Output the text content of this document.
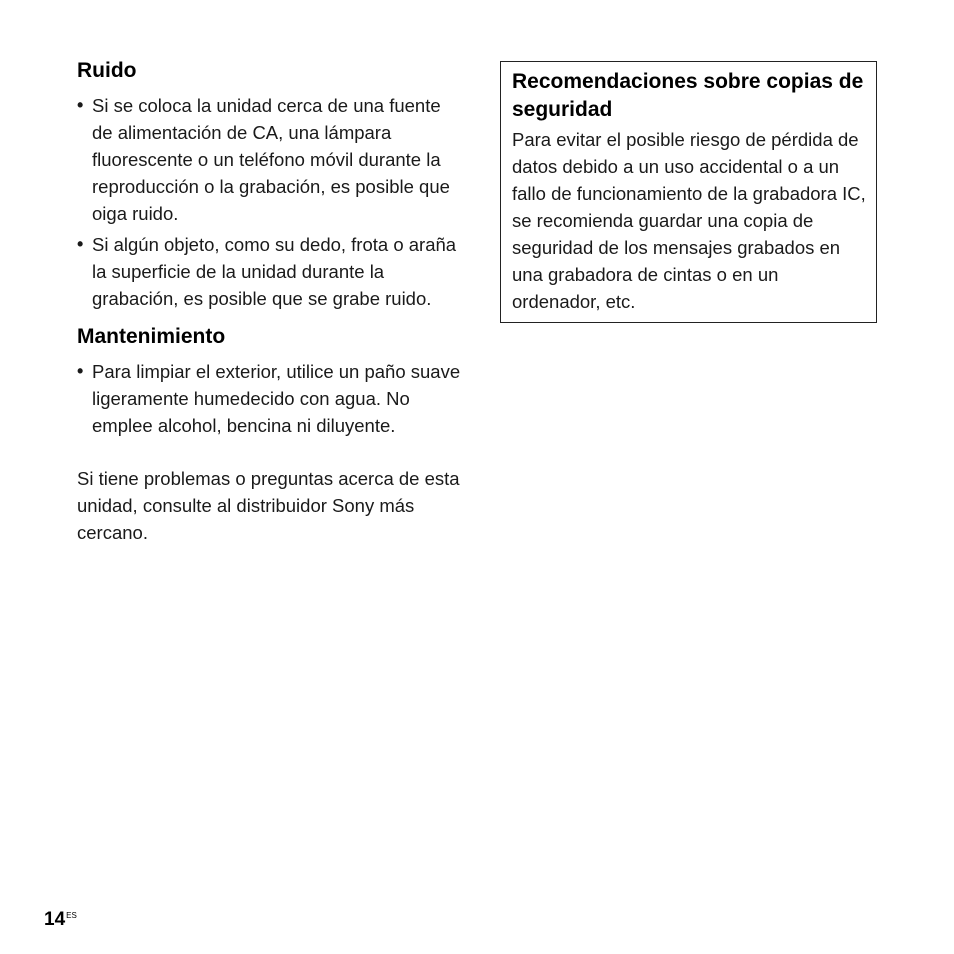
Ruido
• Si se coloca la unidad cerca de una fuente de alimentación de CA, una lámpara fluorescente o un teléfono móvil durante la reproducción o la grabación, es posible que oiga ruido.
• Si algún objeto, como su dedo, frota o araña la superficie de la unidad durante la grabación, es posible que se grabe ruido.
Mantenimiento
• Para limpiar el exterior, utilice un paño suave ligeramente humedecido con agua. No emplee alcohol, bencina ni diluyente.

Si tiene problemas o preguntas acerca de esta unidad, consulte al distribuidor Sony más cercano.

Recomendaciones sobre copias de seguridad

Para evitar el posible riesgo de pérdida de datos debido a un uso accidental o a un fallo de funcionamiento de la grabadora IC, se recomienda guardar una copia de seguridad de los mensajes grabados en una grabadora de cintas o en un ordenador, etc.

$14^{ES}$
